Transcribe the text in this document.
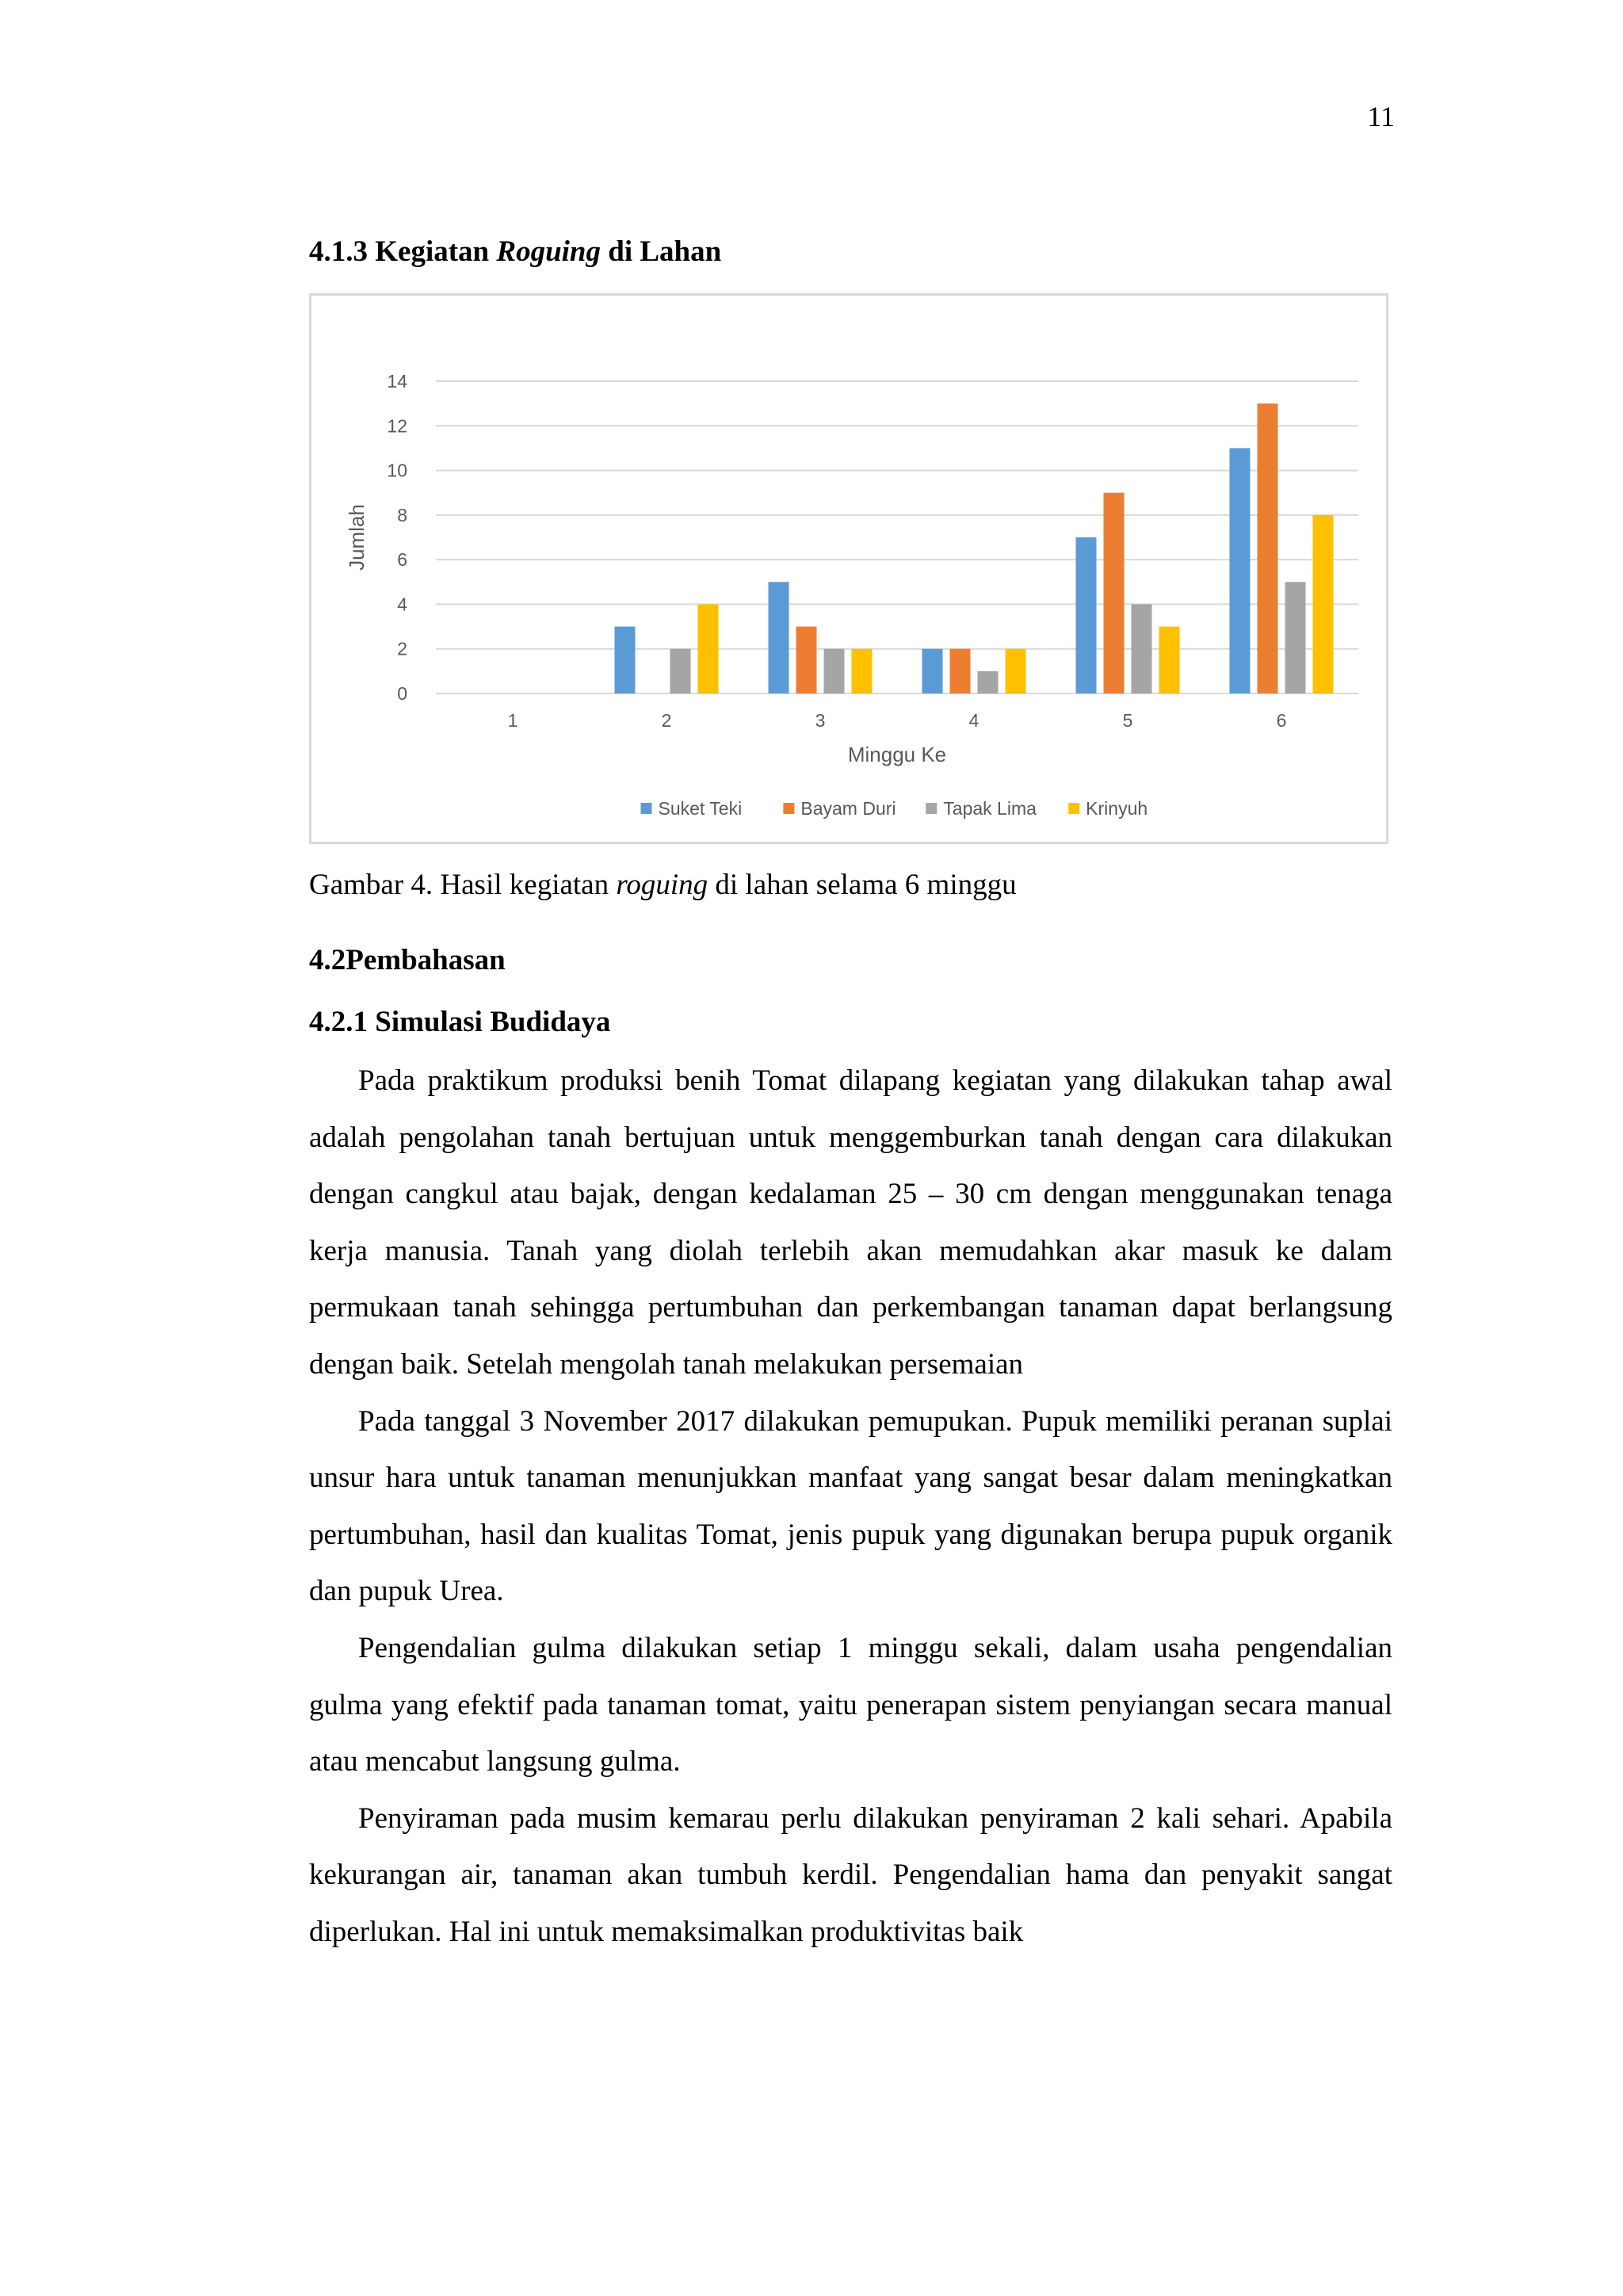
11
4.1.3 Kegiatan Roguing di Lahan
0
2
4
6
8
10
12
14
1	2	3	4	5	6
Minggu Ke
Jumlah
Suket Teki	Bayam Duri	Tapak Lima	Krinyuh

Gambar 4. Hasil kegiatan roguing di lahan selama 6 minggu

4.2Pembahasan
4.2.1 Simulasi Budidaya

Pada praktikum produksi benih Tomat dilapang kegiatan yang dilakukan tahap awal adalah pengolahan tanah bertujuan untuk menggemburkan tanah dengan cara dilakukan dengan cangkul atau bajak, dengan kedalaman 25 – 30 cm dengan menggunakan tenaga kerja manusia. Tanah yang diolah terlebih akan memudahkan akar masuk ke dalam permukaan tanah sehingga pertumbuhan dan perkembangan tanaman dapat berlangsung dengan baik. Setelah mengolah tanah melakukan persemaian

Pada tanggal 3 November 2017 dilakukan pemupukan. Pupuk memiliki peranan suplai unsur hara untuk tanaman menunjukkan manfaat yang sangat besar dalam meningkatkan pertumbuhan, hasil dan kualitas Tomat, jenis pupuk yang digunakan berupa pupuk organik dan pupuk Urea.

Pengendalian gulma dilakukan setiap 1 minggu sekali, dalam usaha pengendalian gulma yang efektif pada tanaman tomat, yaitu penerapan sistem penyiangan secara manual atau mencabut langsung gulma.

Penyiraman pada musim kemarau perlu dilakukan penyiraman 2 kali sehari. Apabila kekurangan air, tanaman akan tumbuh kerdil. Pengendalian hama dan penyakit sangat diperlukan. Hal ini untuk memaksimalkan produktivitas baik
